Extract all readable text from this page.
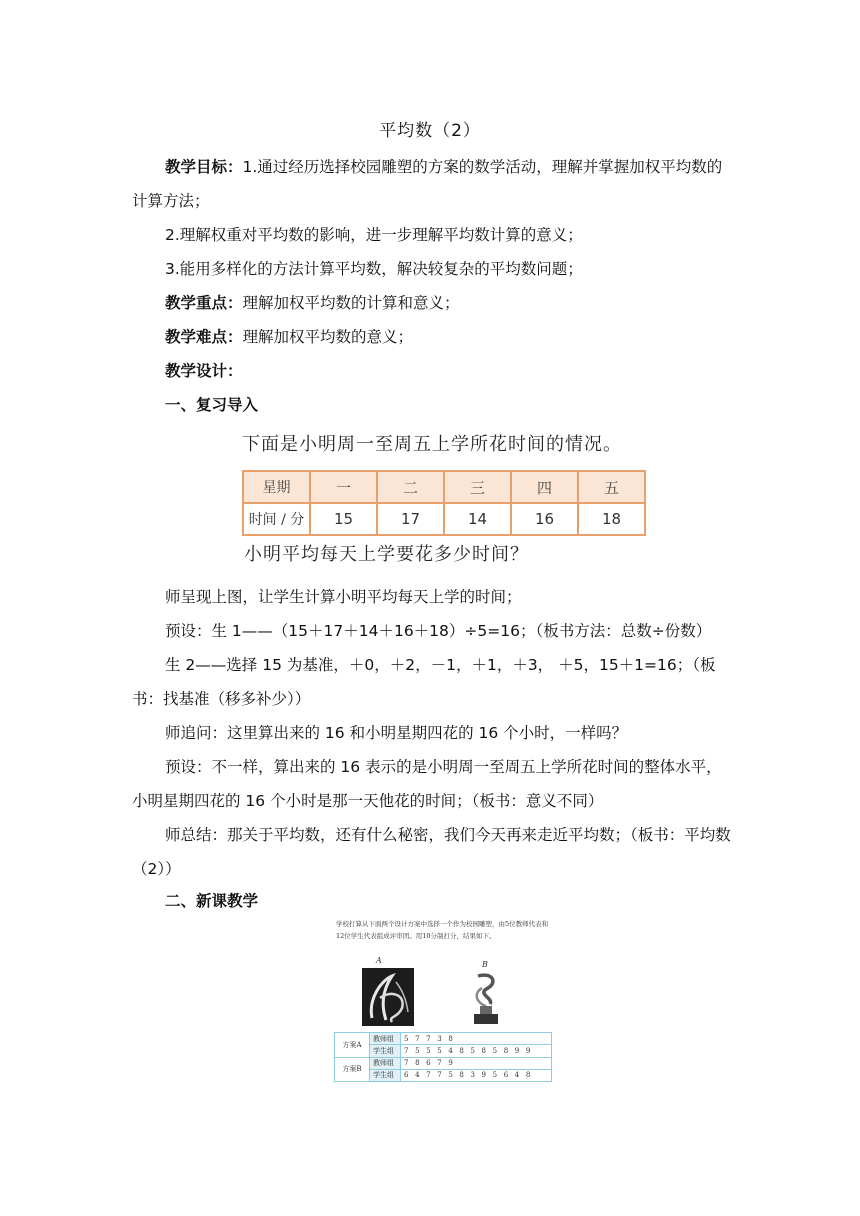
平均数（2）

教学目标：1.通过经历选择校园雕塑的方案的数学活动，理解并掌握加权平均数的计算方法；

2.理解权重对平均数的影响，进一步理解平均数计算的意义；

3.能用多样化的方法计算平均数，解决较复杂的平均数问题；

教学重点：理解加权平均数的计算和意义；

教学难点：理解加权平均数的意义；

教学设计：

一、复习导入

下面是小明周一至周五上学所花时间的情况。
星期	一	二	三	四	五
时间 / 分	15	17	14	16	18
小明平均每天上学要花多少时间？

师呈现上图，让学生计算小明平均每天上学的时间；

预设：生 1——（15＋17＋14＋16＋18）÷5=16；（板书方法：总数÷份数）

生 2——选择 15 为基准，＋0，＋2，－1，＋1，＋3， ＋5，15＋1=16；（板书：找基准（移多补少））

师追问：这里算出来的 16 和小明星期四花的 16 个小时，一样吗？

预设：不一样，算出来的 16 表示的是小明周一至周五上学所花时间的整体水平，小明星期四花的 16 个小时是那一天他花的时间；（板书：意义不同）

师总结：那关于平均数，还有什么秘密，我们今天再来走近平均数；（板书：平均数（2））

二、新课教学

学校打算从下面两个设计方案中选择一个作为校园雕塑，由5位教师代表和12位学生代表组成评审团。用10分制打分，结果如下。
A	B
方案A	教师组	5 7 7 3 8
	学生组	7 5 5 5 4 8 5 8 5 8 9 9
方案B	教师组	7 8 6 7 9
	学生组	6 4 7 7 5 8 3 9 5 6 4 8
